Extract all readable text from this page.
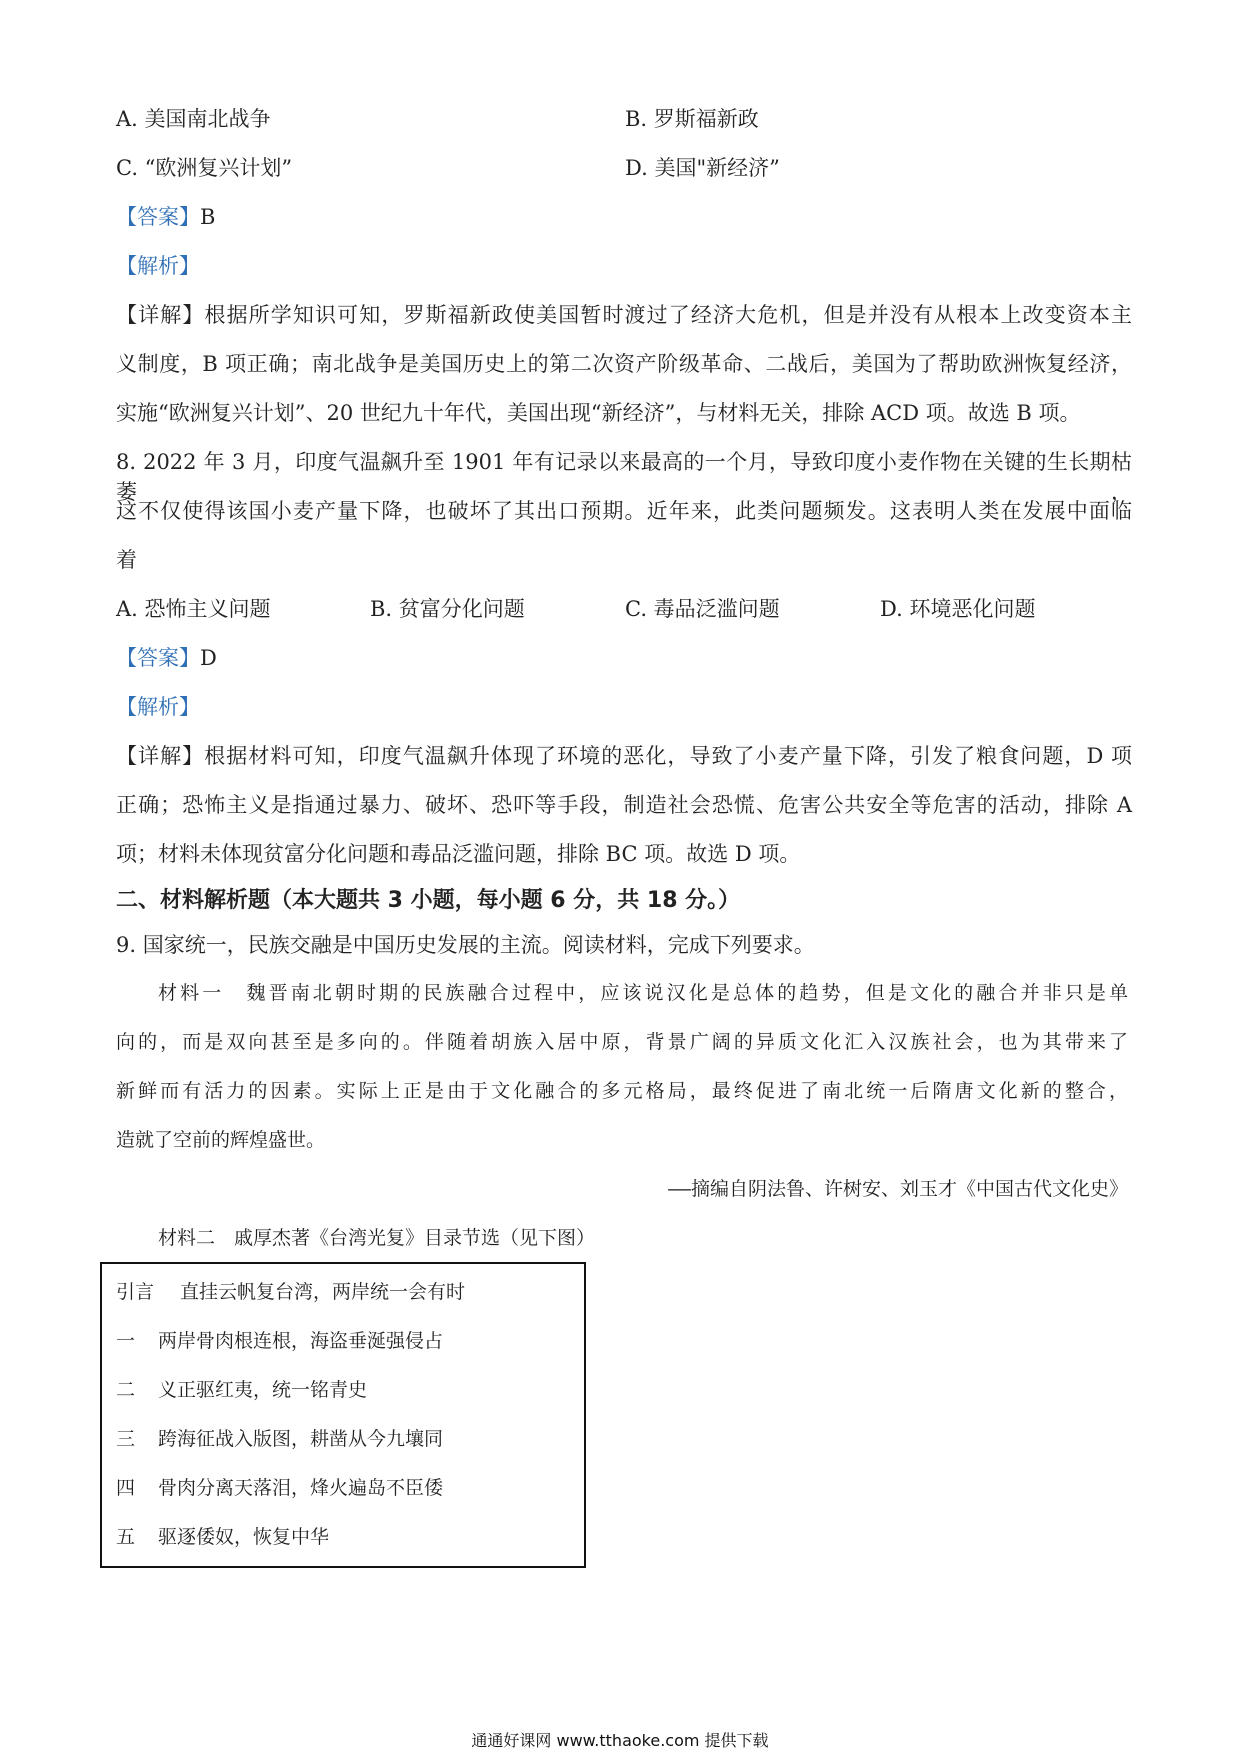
A. 美国南北战争	B. 罗斯福新政
C. “欧洲复兴计划”	D. 美国"新经济”
【答案】B
【解析】
【详解】根据所学知识可知，罗斯福新政使美国暂时渡过了经济大危机，但是并没有从根本上改变资本主
义制度，B 项正确；南北战争是美国历史上的第二次资产阶级革命、二战后，美国为了帮助欧洲恢复经济，
实施“欧洲复兴计划”、20 世纪九十年代，美国出现“新经济”，与材料无关，排除 ACD 项。故选 B 项。
8. 2022 年 3 月，印度气温飙升至 1901 年有记录以来最高的一个月，导致印度小麦作物在关键的生长期枯萎，
这不仅使得该国小麦产量下降，也破坏了其出口预期。近年来，此类问题频发。这表明人类在发展中面临
着
A. 恐怖主义问题	B. 贫富分化问题	C. 毒品泛滥问题	D. 环境恶化问题
【答案】D
【解析】
【详解】根据材料可知，印度气温飙升体现了环境的恶化，导致了小麦产量下降，引发了粮食问题，D 项
正确；恐怖主义是指通过暴力、破坏、恐吓等手段，制造社会恐慌、危害公共安全等危害的活动，排除 A
项；材料未体现贫富分化问题和毒品泛滥问题，排除 BC 项。故选 D 项。
二、材料解析题（本大题共 3 小题，每小题 6 分，共 18 分。）
9. 国家统一，民族交融是中国历史发展的主流。阅读材料，完成下列要求。
材料一　魏晋南北朝时期的民族融合过程中，应该说汉化是总体的趋势，但是文化的融合并非只是单
向的，而是双向甚至是多向的。伴随着胡族入居中原，背景广阔的异质文化汇入汉族社会，也为其带来了
新鲜而有活力的因素。实际上正是由于文化融合的多元格局，最终促进了南北统一后隋唐文化新的整合，
造就了空前的辉煌盛世。
——摘编自阴法鲁、许树安、刘玉才《中国古代文化史》
材料二　戚厚杰著《台湾光复》目录节选（见下图）
引言 直挂云帆复台湾，两岸统一会有时
一 两岸骨肉根连根，海盗垂涎强侵占
二 义正驱红夷，统一铭青史
三 跨海征战入版图，耕凿从今九壤同
四 骨肉分离天落泪，烽火遍岛不臣倭
五 驱逐倭奴，恢复中华
通通好课网 www.tthaoke.com 提供下载
